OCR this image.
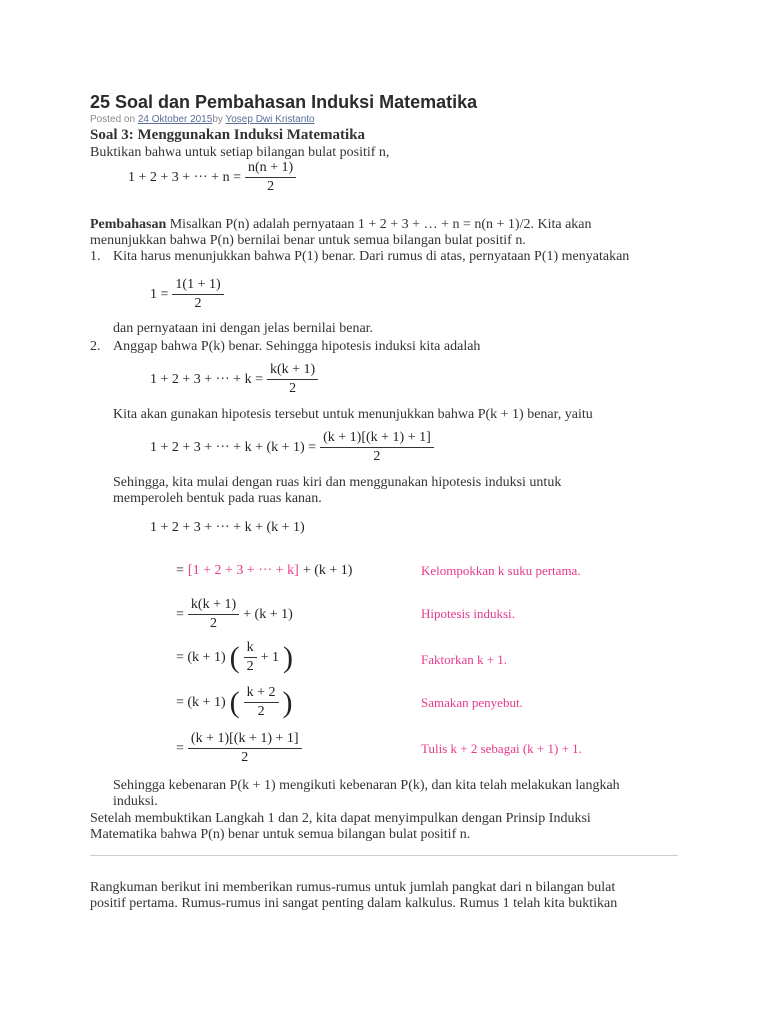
25 Soal dan Pembahasan Induksi Matematika
Posted on 24 Oktober 2015by Yosep Dwi Kristanto
Soal 3: Menggunakan Induksi Matematika
Buktikan bahwa untuk setiap bilangan bulat positif n,
1 + 2 + 3 + ··· + $n = \frac{n(n + 1)}{2}$
Pembahasan Misalkan P(n) adalah pernyataan 1 + 2 + 3 + … + n = n(n + 1)/2. Kita akan
menunjukkan bahwa P(n) bernilai benar untuk semua bilangan bulat positif n.
1. Kita harus menunjukkan bahwa P(1) benar. Dari rumus di atas, pernyataan P(1) menyatakan
$1 = \frac{1(1 + 1)}{2}$
dan pernyataan ini dengan jelas bernilai benar.
2. Anggap bahwa P(k) benar. Sehingga hipotesis induksi kita adalah
1 + 2 + 3 + ··· + $k = \frac{k(k + 1)}{2}$
Kita akan gunakan hipotesis tersebut untuk menunjukkan bahwa P(k + 1) benar, yaitu
1 + 2 + 3 + ··· + $k + (k + 1) = \frac{(k + 1)[(k + 1) + 1]}{2}$
Sehingga, kita mulai dengan ruas kiri dan menggunakan hipotesis induksi untuk
memperoleh bentuk pada ruas kanan.
1 + 2 + 3 + ··· + k + (k + 1)
= [1 + 2 + 3 + ··· + k] + (k + 1)	Kelompokkan k suku pertama.
= $\frac{k(k + 1)}{2} + (k + 1)$	Hipotesis induksi.
= (k + 1) ( $\frac{k}{2} + 1$ )	Faktorkan k + 1.
= (k + 1) ( $\frac{k + 2}{2}$ )	Samakan penyebut.
= $\frac{(k + 1)[(k + 1) + 1]}{2}$	Tulis k + 2 sebagai (k + 1) + 1.
Sehingga kebenaran P(k + 1) mengikuti kebenaran P(k), dan kita telah melakukan langkah
induksi.
Setelah membuktikan Langkah 1 dan 2, kita dapat menyimpulkan dengan Prinsip Induksi
Matematika bahwa P(n) benar untuk semua bilangan bulat positif n.
Rangkuman berikut ini memberikan rumus-rumus untuk jumlah pangkat dari n bilangan bulat
positif pertama. Rumus-rumus ini sangat penting dalam kalkulus. Rumus 1 telah kita buktikan
